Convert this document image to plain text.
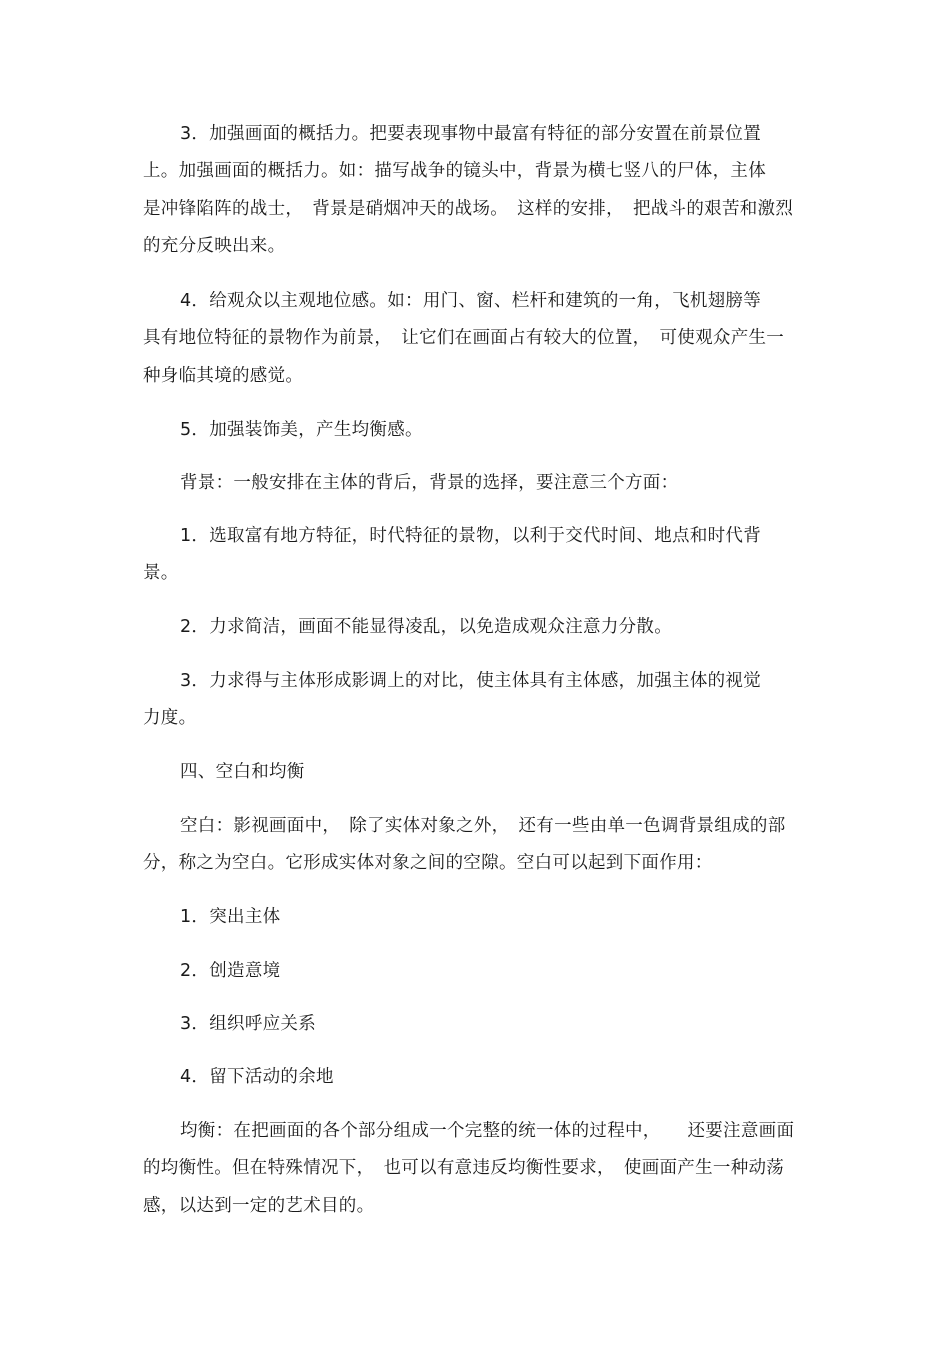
3．加强画面的概括力。把要表现事物中最富有特征的部分安置在前景位置
上。加强画面的概括力。如：描写战争的镜头中，背景为横七竖八的尸体，主体
是冲锋陷阵的战士，　背景是硝烟冲天的战场。　这样的安排，　把战斗的艰苦和激烈
的充分反映出来。
4．给观众以主观地位感。如：用门、窗、栏杆和建筑的一角，飞机翅膀等
具有地位特征的景物作为前景，　让它们在画面占有较大的位置，　可使观众产生一
种身临其境的感觉。
5．加强装饰美，产生均衡感。
背景：一般安排在主体的背后，背景的选择，要注意三个方面：
1．选取富有地方特征，时代特征的景物，以利于交代时间、地点和时代背
景。
2．力求简洁，画面不能显得凌乱，以免造成观众注意力分散。
3．力求得与主体形成影调上的对比，使主体具有主体感，加强主体的视觉
力度。
四、空白和均衡
空白：影视画面中，　除了实体对象之外，　还有一些由单一色调背景组成的部
分，称之为空白。它形成实体对象之间的空隙。空白可以起到下面作用：
1．突出主体
2．创造意境
3．组织呼应关系
4．留下活动的余地
均衡：在把画面的各个部分组成一个完整的统一体的过程中，　　还要注意画面
的均衡性。但在特殊情况下，　也可以有意违反均衡性要求，　使画面产生一种动荡
感，以达到一定的艺术目的。
